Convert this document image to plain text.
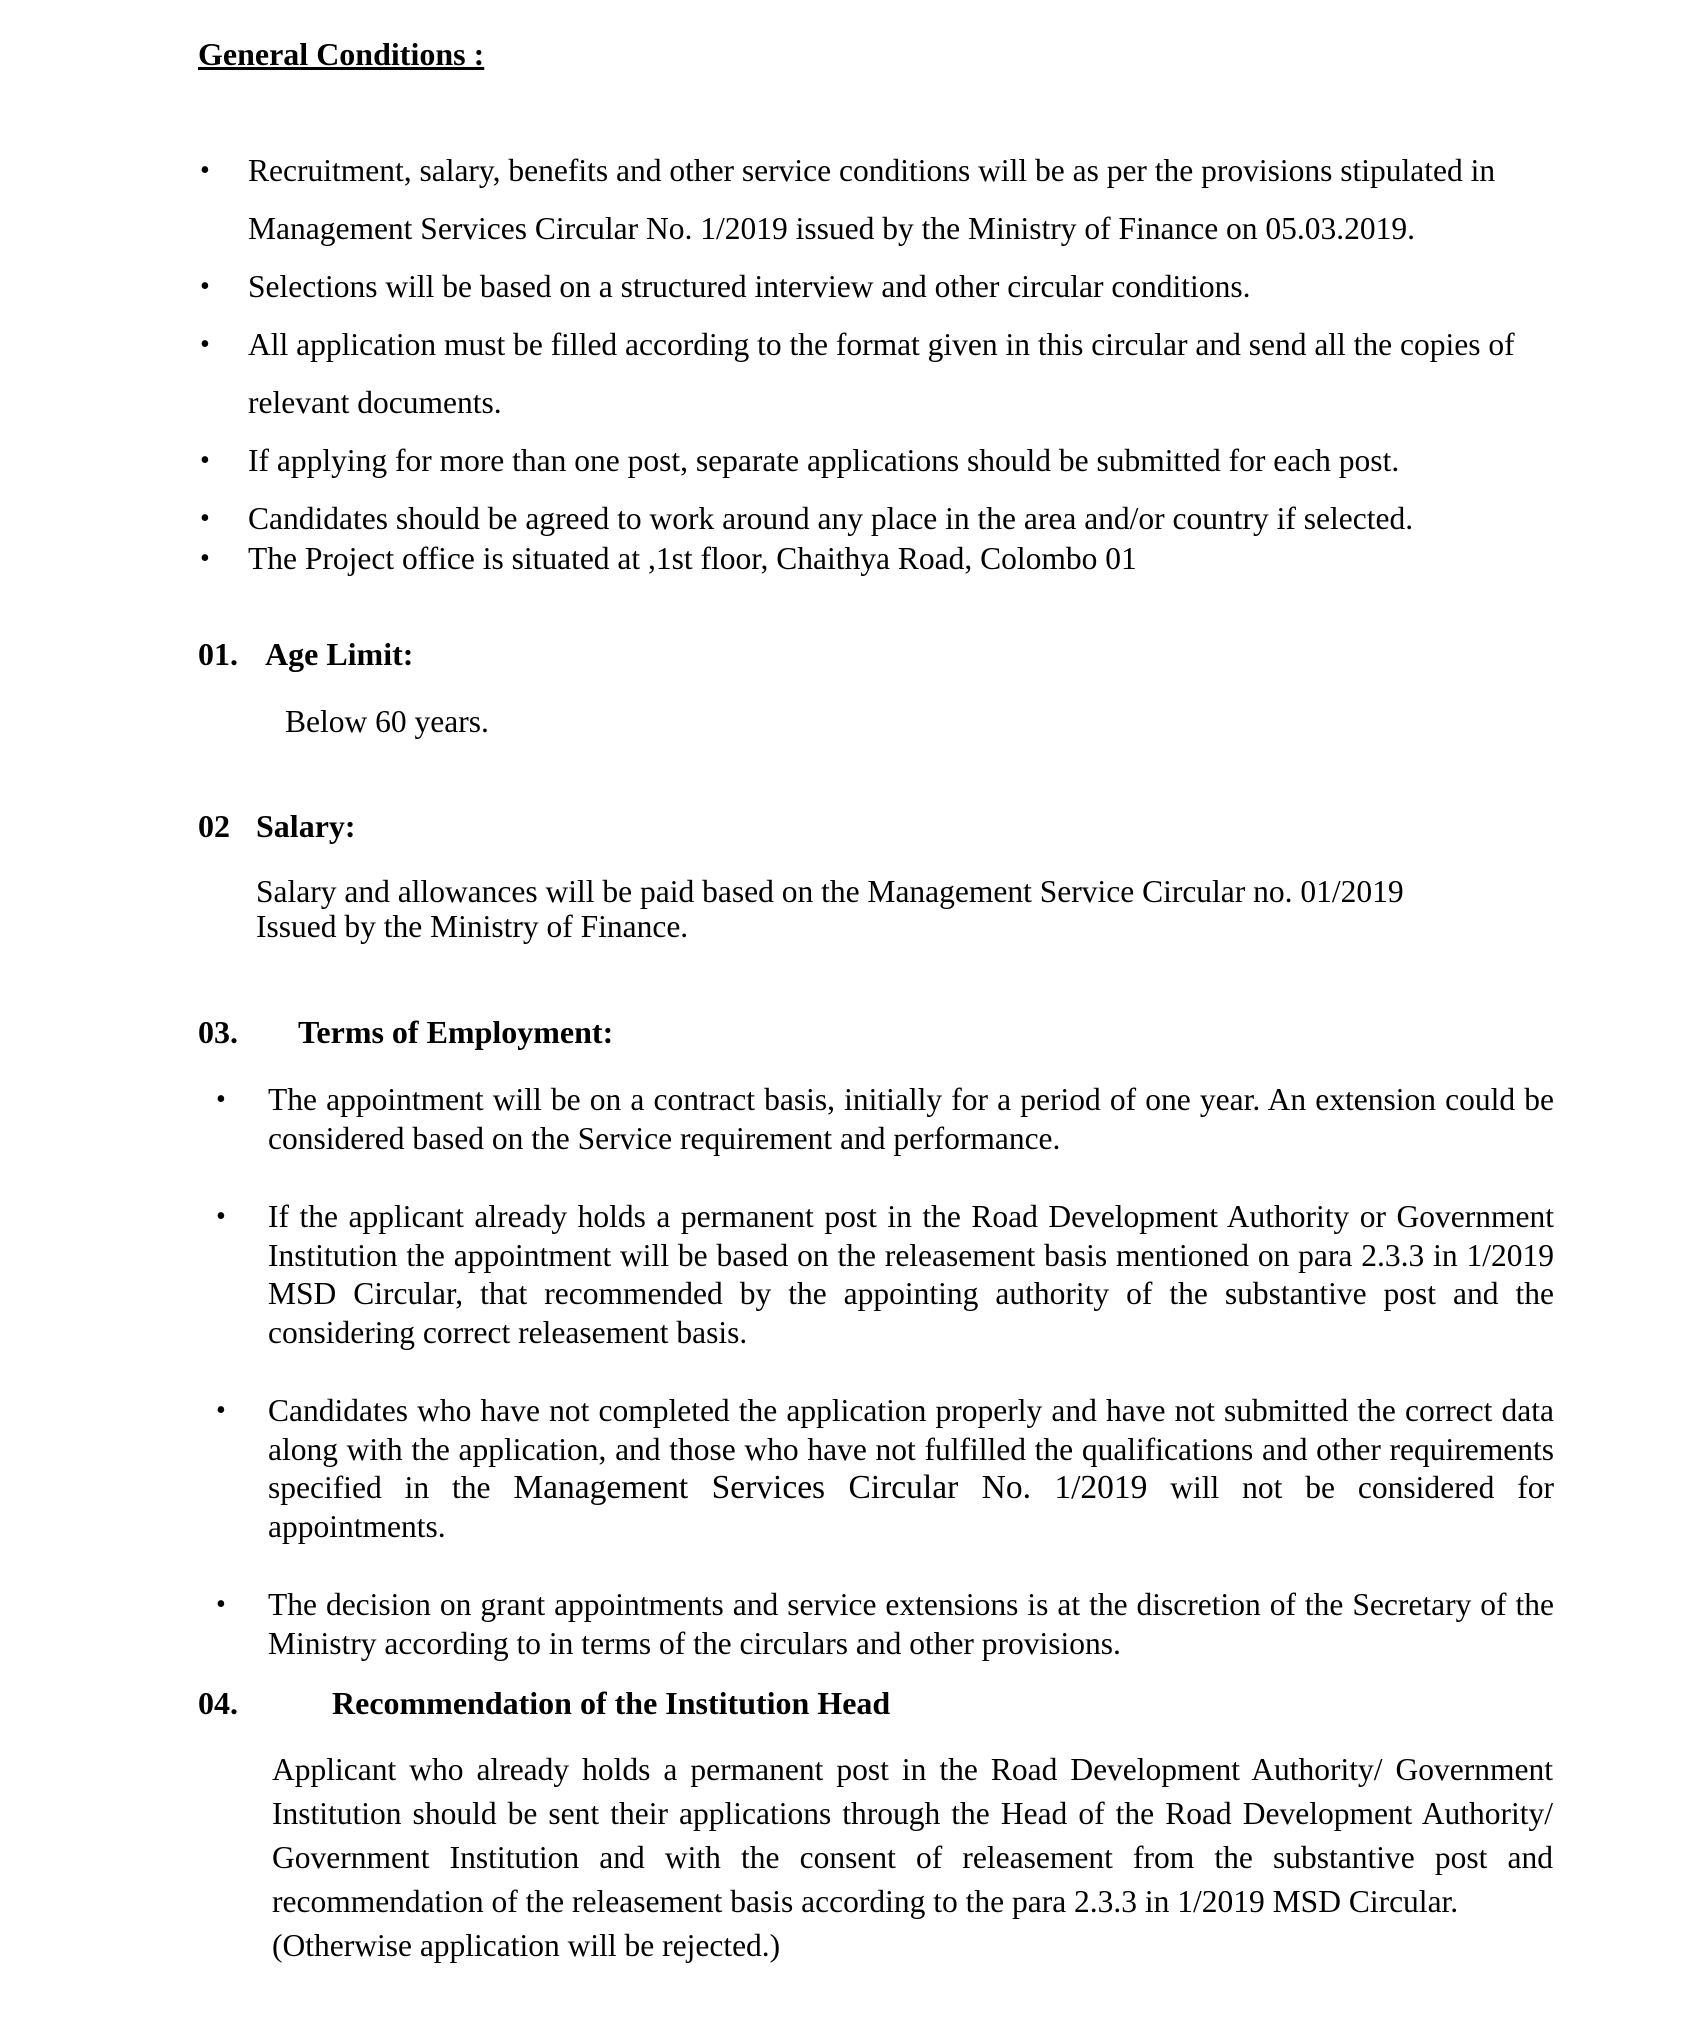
General Conditions :
• Recruitment, salary, benefits and other service conditions will be as per the provisions stipulated in Management Services Circular No. 1/2019 issued by the Ministry of Finance on 05.03.2019.
• Selections will be based on a structured interview and other circular conditions.
• All application must be filled according to the format given in this circular and send all the copies of relevant documents.
• If applying for more than one post, separate applications should be submitted for each post.
• Candidates should be agreed to work around any place in the area and/or country if selected.
• The Project office is situated at ,1st floor, Chaithya Road, Colombo 01
01. Age Limit:

Below 60 years.

02 Salary:

Salary and allowances will be paid based on the Management Service Circular no. 01/2019
Issued by the Ministry of Finance.

03. Terms of Employment:
• The appointment will be on a contract basis, initially for a period of one year. An extension could be considered based on the Service requirement and performance.
• If the applicant already holds a permanent post in the Road Development Authority or Government Institution the appointment will be based on the releasement basis mentioned on para 2.3.3 in 1/2019 MSD Circular, that recommended by the appointing authority of the substantive post and the considering correct releasement basis.
• Candidates who have not completed the application properly and have not submitted the correct data along with the application, and those who have not fulfilled the qualifications and other requirements specified in the Management Services Circular No. 1/2019 will not be considered for appointments.
• The decision on grant appointments and service extensions is at the discretion of the Secretary of the Ministry according to in terms of the circulars and other provisions.
04.	Recommendation of the Institution Head

Applicant who already holds a permanent post in the Road Development Authority/ Government Institution should be sent their applications through the Head of the Road Development Authority/ Government Institution and with the consent of releasement from the substantive post and recommendation of the releasement basis according to the para 2.3.3 in 1/2019 MSD Circular.
(Otherwise application will be rejected.)
